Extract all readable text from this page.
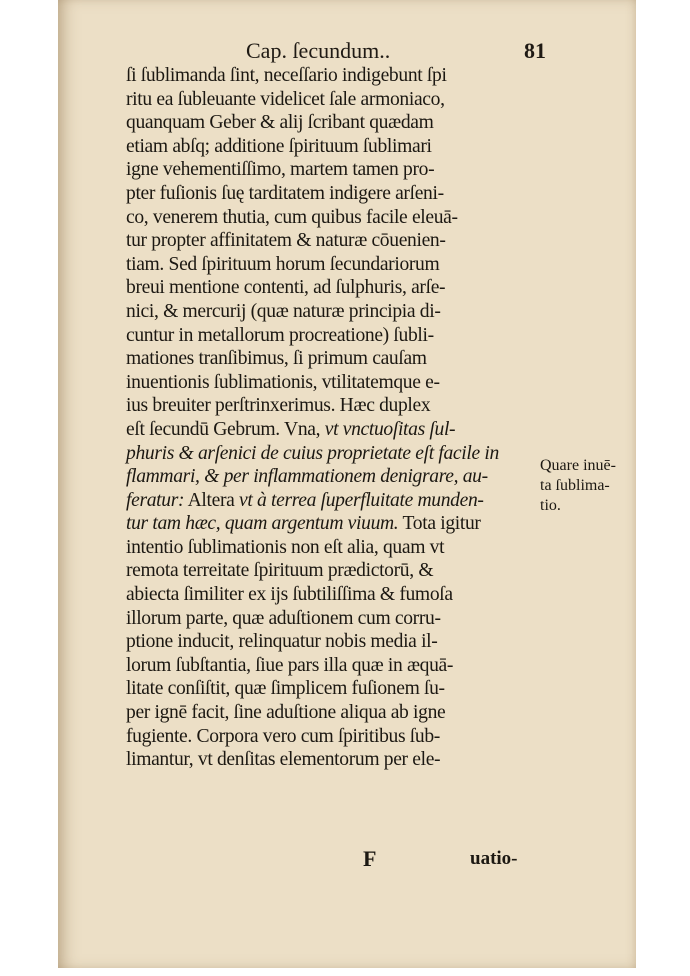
Cap. ſecundum..	81
ſi ſublimanda ſint, neceſſario indigebunt ſpi
ritu ea ſubleuante videlicet ſale armoniaco,
quanquam Geber & alij ſcribant quædam
etiam abſq; additione ſpirituum ſublimari
igne vehementiſſimo, martem tamen pro-
pter fuſionis ſuę tarditatem indigere arſeni-
co, venerem thutia, cum quibus facile eleuā-
tur propter affinitatem & naturæ cōuenien-
tiam. Sed ſpirituum horum ſecundariorum
breui mentione contenti, ad ſulphuris, arſe-
nici, & mercurij (quæ naturæ principia di-
cuntur in metallorum procreatione) ſubli-
mationes tranſibimus, ſi primum cauſam
inuentionis ſublimationis, vtilitatemque e-
ius breuiter perſtrinxerimus. Hæc duplex
eſt ſecundū Gebrum. Vna, vt vnctuoſitas ſul-
phuris & arſenici de cuius proprietate eſt facile in
flammari, & per inflammationem denigrare, au-
feratur: Altera vt à terrea ſuperfluitate munden-
tur tam hæc, quam argentum viuum. Tota igitur
intentio ſublimationis non eſt alia, quam vt
remota terreitate ſpirituum prædictorū, &
abiecta ſimiliter ex ijs ſubtiliſſima & fumoſa
illorum parte, quæ aduſtionem cum corru-
ptione inducit, relinquatur nobis media il-
lorum ſubſtantia, ſiue pars illa quæ in æquā-
litate conſiſtit, quæ ſimplicem fuſionem ſu-
per ignē facit, ſine aduſtione aliqua ab igne
fugiente. Corpora vero cum ſpiritibus ſub-
limantur, vt denſitas elementorum per ele-
Quare inuē-
ta ſublima-
tio.
F	uatio-
